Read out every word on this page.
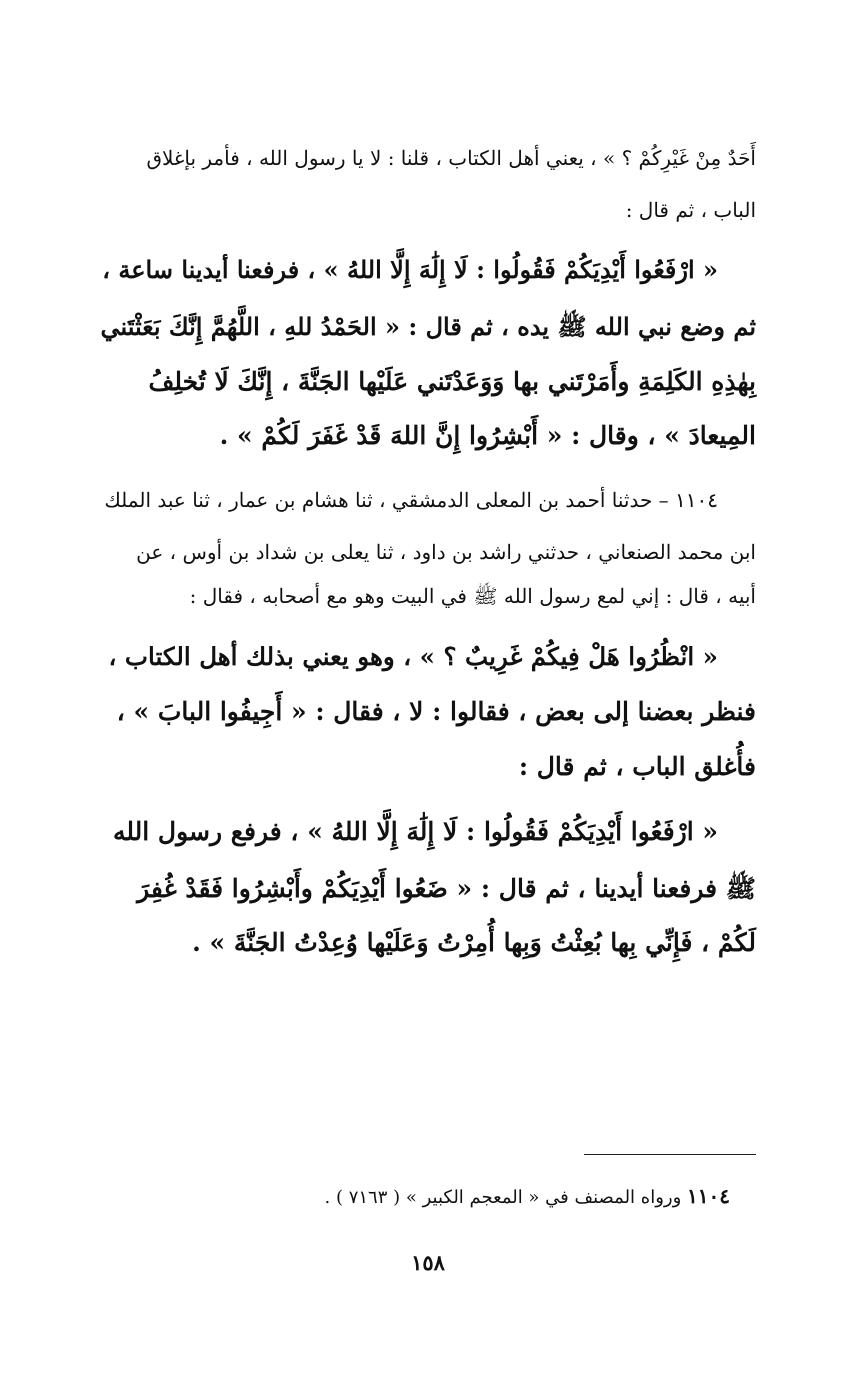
أَحَدٌ مِنْ غَيْرِكُمْ ؟ » ، يعني أهل الكتاب ، قلنا : لا يا رسول الله ، فأمر بإغلاق
الباب ، ثم قال :
« ارْفَعُوا أَيْدِيَكُمْ فَقُولُوا : لَا إِلَٰهَ إِلَّا اللهُ » ، فرفعنا أيدينا ساعة ،
ثم وضع نبي الله ﷺ يده ، ثم قال : « الحَمْدُ للهِ ، اللَّهُمَّ إِنَّكَ بَعَثْتَني
بِهٰذِهِ الكَلِمَةِ وأَمَرْتَني بها وَوَعَدْتَني عَلَيْها الجَنَّةَ ، إِنَّكَ لَا تُخلِفُ
المِيعادَ » ، وقال : « أَبْشِرُوا إِنَّ اللهَ قَدْ غَفَرَ لَكُمْ » .
١١٠٤ – حدثنا أحمد بن المعلى الدمشقي ، ثنا هشام بن عمار ، ثنا عبد الملك
ابن محمد الصنعاني ، حدثني راشد بن داود ، ثنا يعلى بن شداد بن أوس ، عن
أبيه ، قال : إني لمع رسول الله ﷺ في البيت وهو مع أصحابه ، فقال :
« انْظُرُوا هَلْ فِيكُمْ غَرِيبٌ ؟ » ، وهو يعني بذلك أهل الكتاب ،
فنظر بعضنا إلى بعض ، فقالوا : لا ، فقال : « أَجِيفُوا البابَ » ،
فأُغلق الباب ، ثم قال :
« ارْفَعُوا أَيْدِيَكُمْ فَقُولُوا : لَا إِلَٰهَ إِلَّا اللهُ » ، فرفع رسول الله
ﷺ فرفعنا أيدينا ، ثم قال : « ضَعُوا أَيْدِيَكُمْ وأَبْشِرُوا فَقَدْ غُفِرَ
لَكُمْ ، فَإِنِّي بِها بُعِثْتُ وَبِها أُمِرْتُ وَعَلَيْها وُعِدْتُ الجَنَّةَ » .
١١٠٤ ورواه المصنف في « المعجم الكبير » ( ٧١٦٣ ) .
١٥٨
